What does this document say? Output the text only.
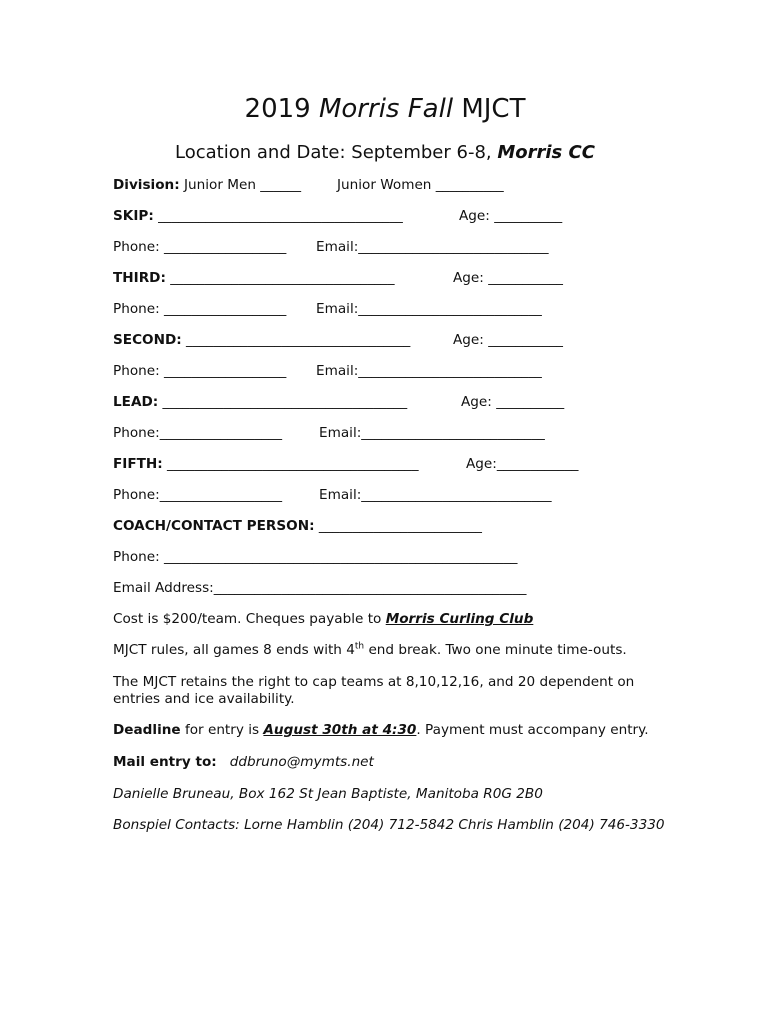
2019 Morris Fall MJCT
Location and Date: September 6-8, Morris CC
Division: Junior Men ______	Junior Women __________
SKIP: ____________________________________	Age: __________
Phone: __________________ Email:____________________________
THIRD: _________________________________	Age: ___________
Phone: __________________ Email:___________________________
SECOND: _________________________________	Age: ___________
Phone: __________________ Email:___________________________
LEAD: ____________________________________	Age: __________
Phone:__________________	Email:___________________________
FIFTH: _____________________________________	Age:____________
Phone:__________________	Email:____________________________
COACH/CONTACT PERSON: ________________________
Phone: ____________________________________________________
Email Address:______________________________________________
Cost is $200/team. Cheques payable to Morris Curling Club
MJCT rules, all games 8 ends with 4th end break. Two one minute time-outs.
The MJCT retains the right to cap teams at 8,10,12,16, and 20 dependent on entries and ice availability.
Deadline for entry is August 30th at 4:30. Payment must accompany entry.
Mail entry to: ddbruno@mymts.net
Danielle Bruneau, Box 162 St Jean Baptiste, Manitoba R0G 2B0
Bonspiel Contacts: Lorne Hamblin (204) 712-5842 Chris Hamblin (204) 746-3330
